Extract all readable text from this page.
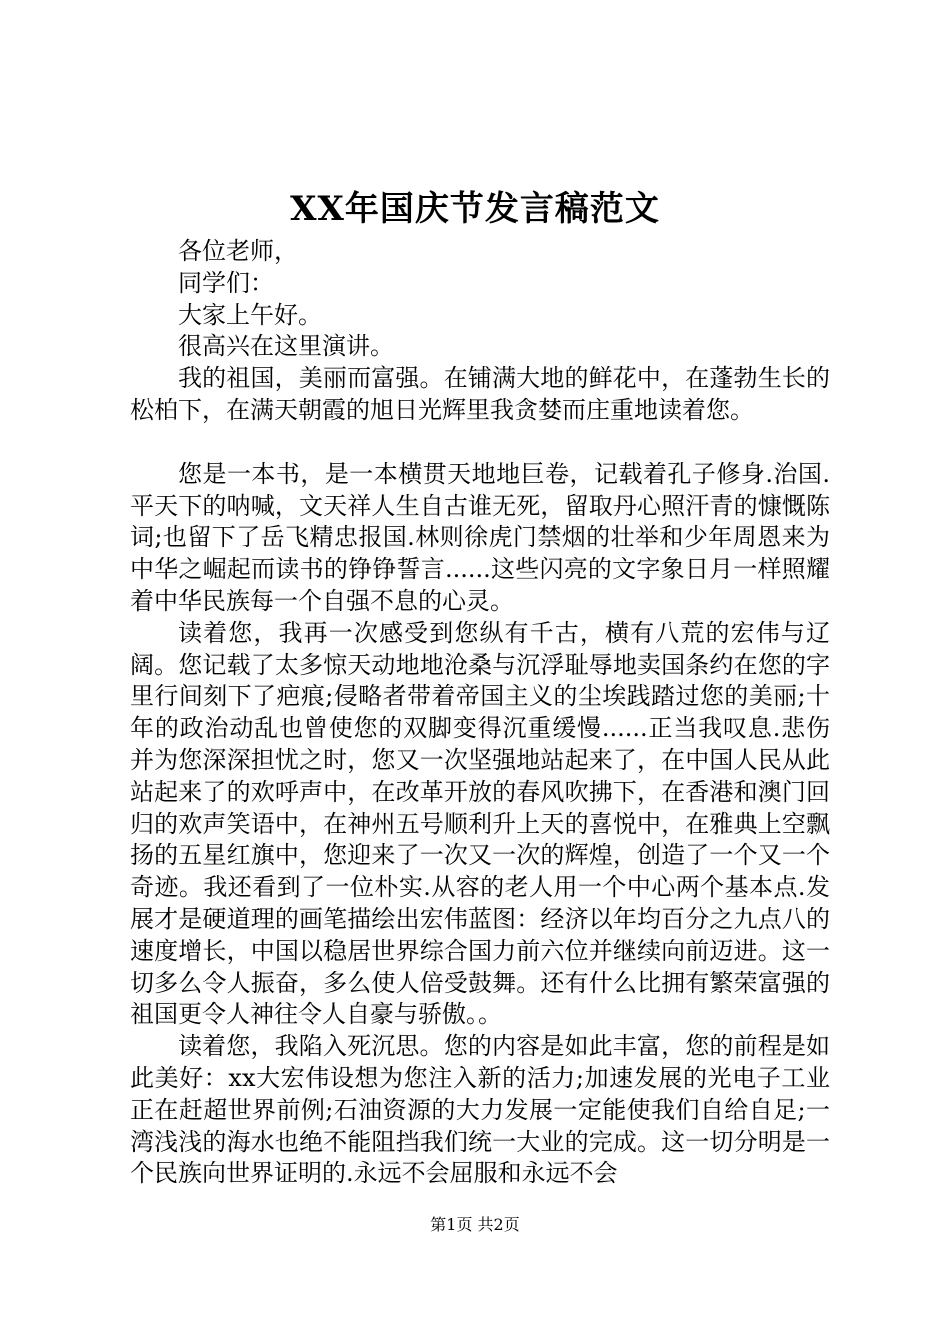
XX年国庆节发言稿范文

各位老师，

同学们：

大家上午好。

很高兴在这里演讲。

我的祖国，美丽而富强。在铺满大地的鲜花中，在蓬勃生长的松柏下，在满天朝霞的旭日光辉里我贪婪而庄重地读着您。

您是一本书，是一本横贯天地地巨卷，记载着孔子修身.治国.平天下的呐喊，文天祥人生自古谁无死，留取丹心照汗青的慷慨陈词;也留下了岳飞精忠报国.林则徐虎门禁烟的壮举和少年周恩来为中华之崛起而读书的铮铮誓言......这些闪亮的文字象日月一样照耀着中华民族每一个自强不息的心灵。

读着您，我再一次感受到您纵有千古，横有八荒的宏伟与辽阔。您记载了太多惊天动地地沧桑与沉浮耻辱地卖国条约在您的字里行间刻下了疤痕;侵略者带着帝国主义的尘埃践踏过您的美丽;十年的政治动乱也曾使您的双脚变得沉重缓慢......正当我叹息.悲伤并为您深深担忧之时，您又一次坚强地站起来了，在中国人民从此站起来了的欢呼声中，在改革开放的春风吹拂下，在香港和澳门回归的欢声笑语中，在神州五号顺利升上天的喜悦中，在雅典上空飘扬的五星红旗中，您迎来了一次又一次的辉煌，创造了一个又一个奇迹。我还看到了一位朴实.从容的老人用一个中心两个基本点.发展才是硬道理的画笔描绘出宏伟蓝图：经济以年均百分之九点八的速度增长，中国以稳居世界综合国力前六位并继续向前迈进。这一切多么令人振奋，多么使人倍受鼓舞。还有什么比拥有繁荣富强的祖国更令人神往令人自豪与骄傲。。

读着您，我陷入死沉思。您的内容是如此丰富，您的前程是如此美好：xx大宏伟设想为您注入新的活力;加速发展的光电子工业正在赶超世界前例;石油资源的大力发展一定能使我们自给自足;一湾浅浅的海水也绝不能阻挡我们统一大业的完成。这一切分明是一个民族向世界证明的.永远不会屈服和永远不会

第1页 共2页
